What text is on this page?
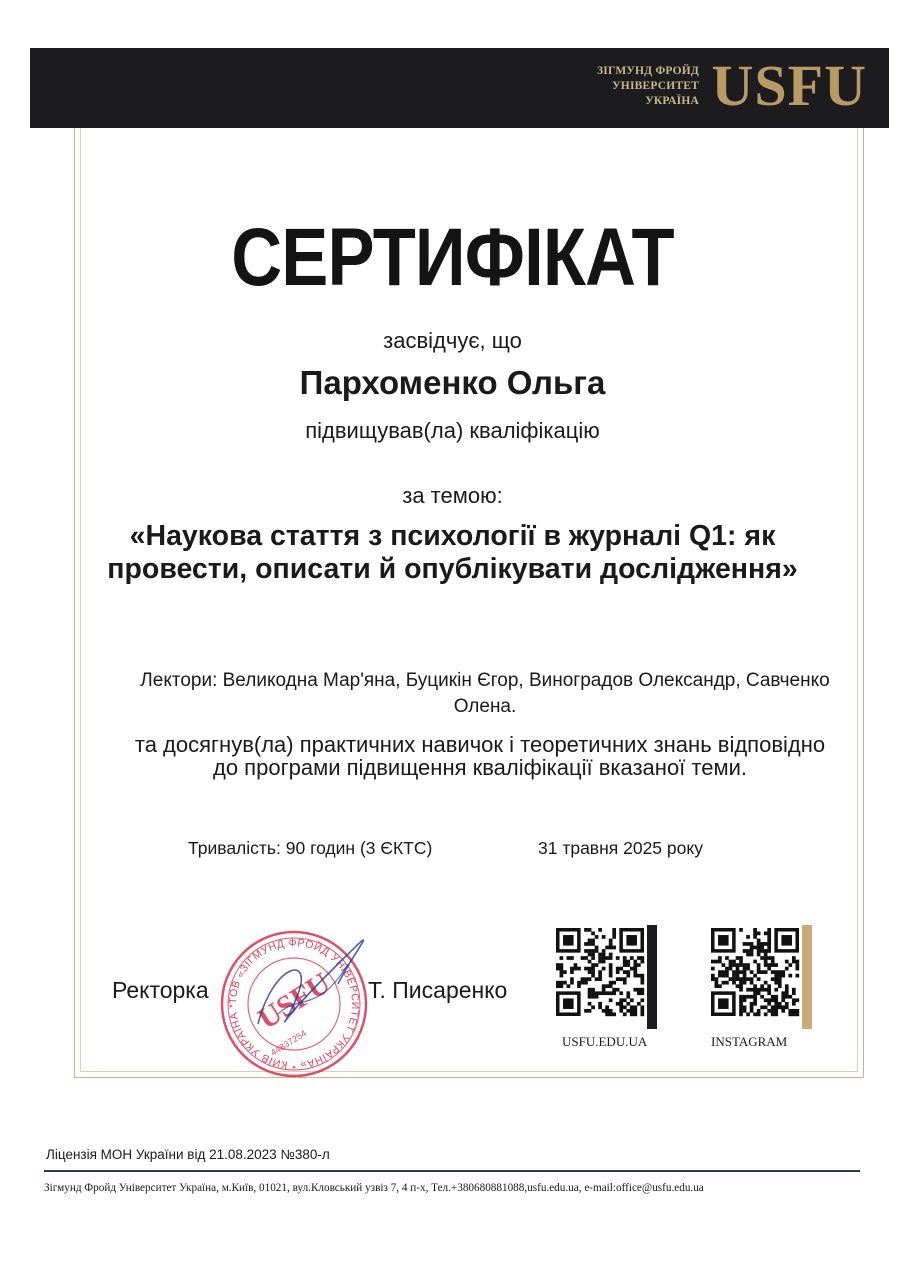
ЗІГМУНД ФРОЙД
УНІВЕРСИТЕТ
УКРАЇНА USFU
СЕРТИФІКАТ
засвідчує, що
Пархоменко Ольга
підвищував(ла) кваліфікацію
за темою:
«Наукова стаття з психології в журналі Q1: як провести, описати й опублікувати дослідження»
Лектори: Великодна Мар'яна, Буцикін Єгор, Виноградов Олександр, Савченко Олена.
та досягнув(ла) практичних навичок і теоретичних знань відповідно до програми підвищення кваліфікації вказаної теми.
Тривалість: 90 годин (3 ЄКТС)	31 травня 2025 року
Ректорка	Т. Писаренко
ТОВ «ЗІГМУНД ФРОЙД УНІВЕРСИТЕТ УКРАЇНА» * КИЇВ УКРАЇНА * USFU
44837254	USFU.EDU.UA	INSTAGRAM
Ліцензія МОН України від 21.08.2023 №380-л
Зігмунд Фройд Університет Україна, м.Київ, 01021, вул.Кловський узвіз 7, 4 п-х, Тел.+380680881088,usfu.edu.ua, e-mail:office@usfu.edu.ua
